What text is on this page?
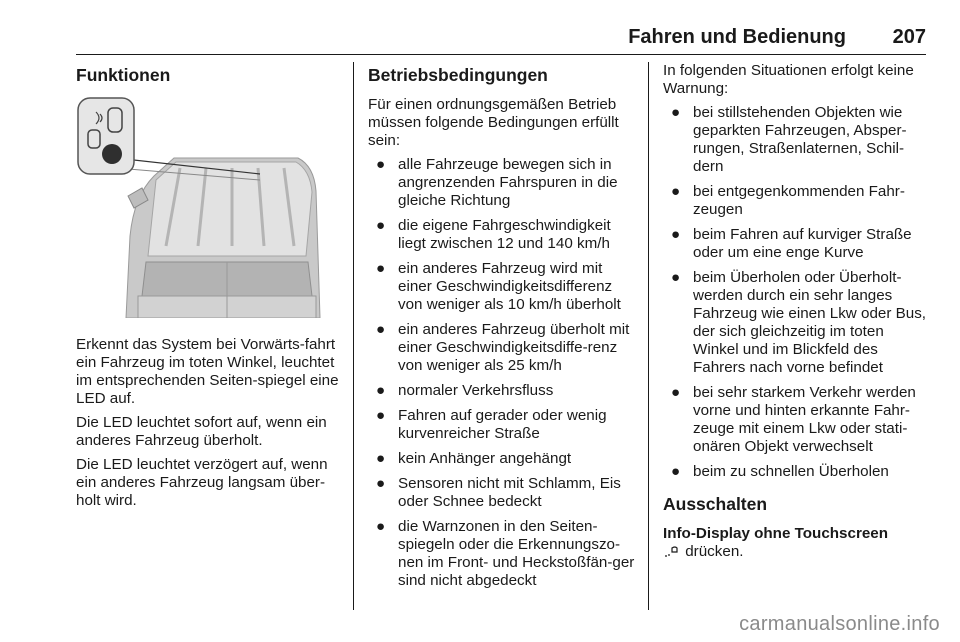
Fahren und Bedienung 207
Funktionen

Erkennt das System bei Vorwärts-fahrt ein Fahrzeug im toten Winkel, leuchtet im entsprechenden Seiten-spiegel eine LED auf.

Die LED leuchtet sofort auf, wenn ein anderes Fahrzeug überholt.

Die LED leuchtet verzögert auf, wenn ein anderes Fahrzeug langsam über-holt wird.

Betriebsbedingungen

Für einen ordnungsgemäßen Betrieb müssen folgende Bedingungen erfüllt sein:

● alle Fahrzeuge bewegen sich in angrenzenden Fahrspuren in die gleiche Richtung
● die eigene Fahrgeschwindigkeit liegt zwischen 12 und 140 km/h
● ein anderes Fahrzeug wird mit einer Geschwindigkeitsdifferenz von weniger als 10 km/h überholt
● ein anderes Fahrzeug überholt mit einer Geschwindigkeitsdiffe-renz von weniger als 25 km/h
● normaler Verkehrsfluss
● Fahren auf gerader oder wenig kurvenreicher Straße
● kein Anhänger angehängt
● Sensoren nicht mit Schlamm, Eis oder Schnee bedeckt
● die Warnzonen in den Seiten-spiegeln oder die Erkennungszo-nen im Front- und Heckstoßfän-ger sind nicht abgedeckt

In folgenden Situationen erfolgt keine Warnung:

● bei stillstehenden Objekten wie geparkten Fahrzeugen, Absper-rungen, Straßenlaternen, Schil-dern
● bei entgegenkommenden Fahr-zeugen
● beim Fahren auf kurviger Straße oder um eine enge Kurve
● beim Überholen oder Überholt-werden durch ein sehr langes Fahrzeug wie einen Lkw oder Bus, der sich gleichzeitig im toten Winkel und im Blickfeld des Fahrers nach vorne befindet
● bei sehr starkem Verkehr werden vorne und hinten erkannte Fahr-zeuge mit einem Lkw oder stati-onären Objekt verwechselt
● beim zu schnellen Überholen
Ausschalten
Info-Display ohne Touchscreen

drücken.

carmanualsonline.info
